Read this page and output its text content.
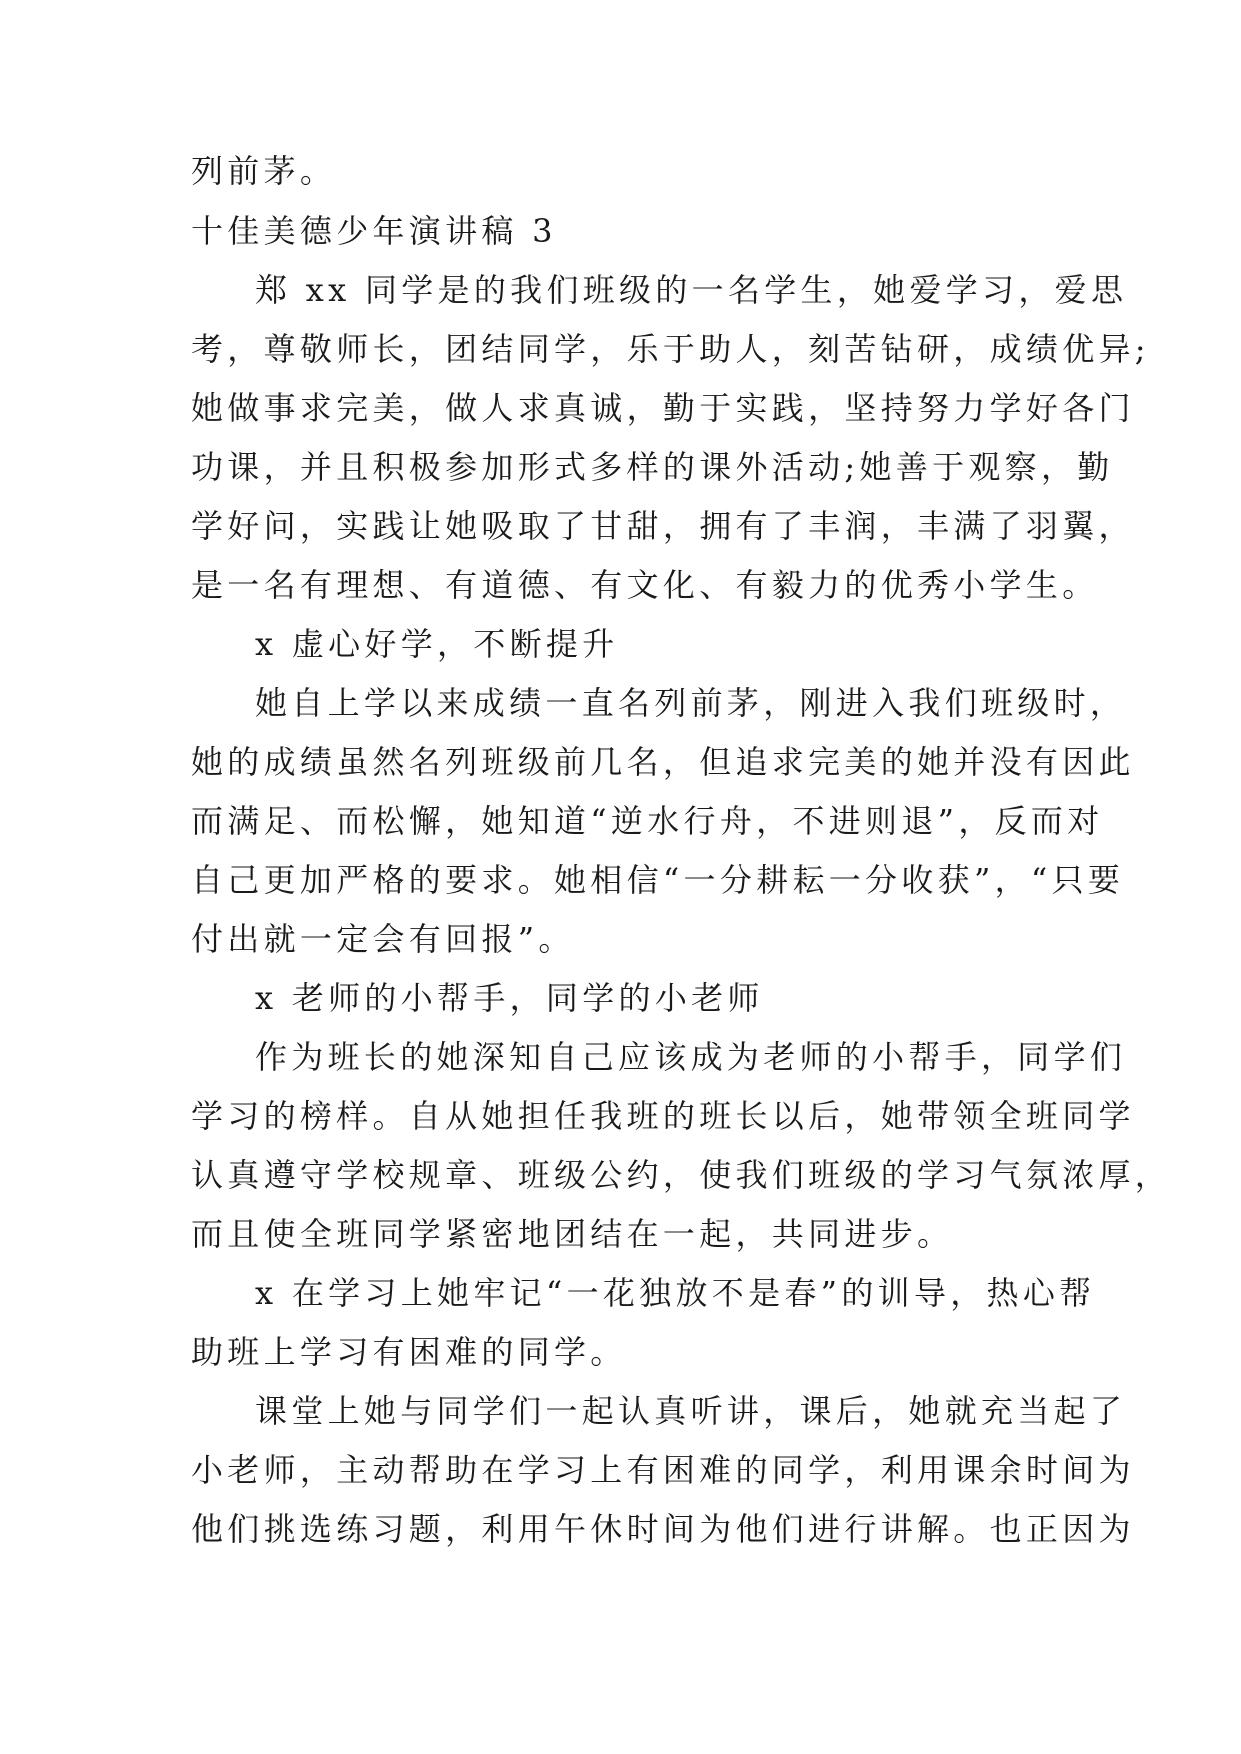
列前茅。
十佳美德少年演讲稿 3
郑 xx 同学是的我们班级的一名学生，她爱学习，爱思
考，尊敬师长，团结同学，乐于助人，刻苦钻研，成绩优异;
她做事求完美，做人求真诚，勤于实践，坚持努力学好各门
功课，并且积极参加形式多样的课外活动;她善于观察，勤
学好问，实践让她吸取了甘甜，拥有了丰润，丰满了羽翼，
是一名有理想、有道德、有文化、有毅力的优秀小学生。
x 虚心好学，不断提升
她自上学以来成绩一直名列前茅，刚进入我们班级时，
她的成绩虽然名列班级前几名，但追求完美的她并没有因此
而满足、而松懈，她知道“逆水行舟，不进则退”，反而对
自己更加严格的要求。她相信“一分耕耘一分收获”，“只要
付出就一定会有回报”。
x 老师的小帮手，同学的小老师
作为班长的她深知自己应该成为老师的小帮手，同学们
学习的榜样。自从她担任我班的班长以后，她带领全班同学
认真遵守学校规章、班级公约，使我们班级的学习气氛浓厚，
而且使全班同学紧密地团结在一起，共同进步。
x 在学习上她牢记“一花独放不是春”的训导，热心帮
助班上学习有困难的同学。
课堂上她与同学们一起认真听讲，课后，她就充当起了
小老师，主动帮助在学习上有困难的同学，利用课余时间为
他们挑选练习题，利用午休时间为他们进行讲解。也正因为
